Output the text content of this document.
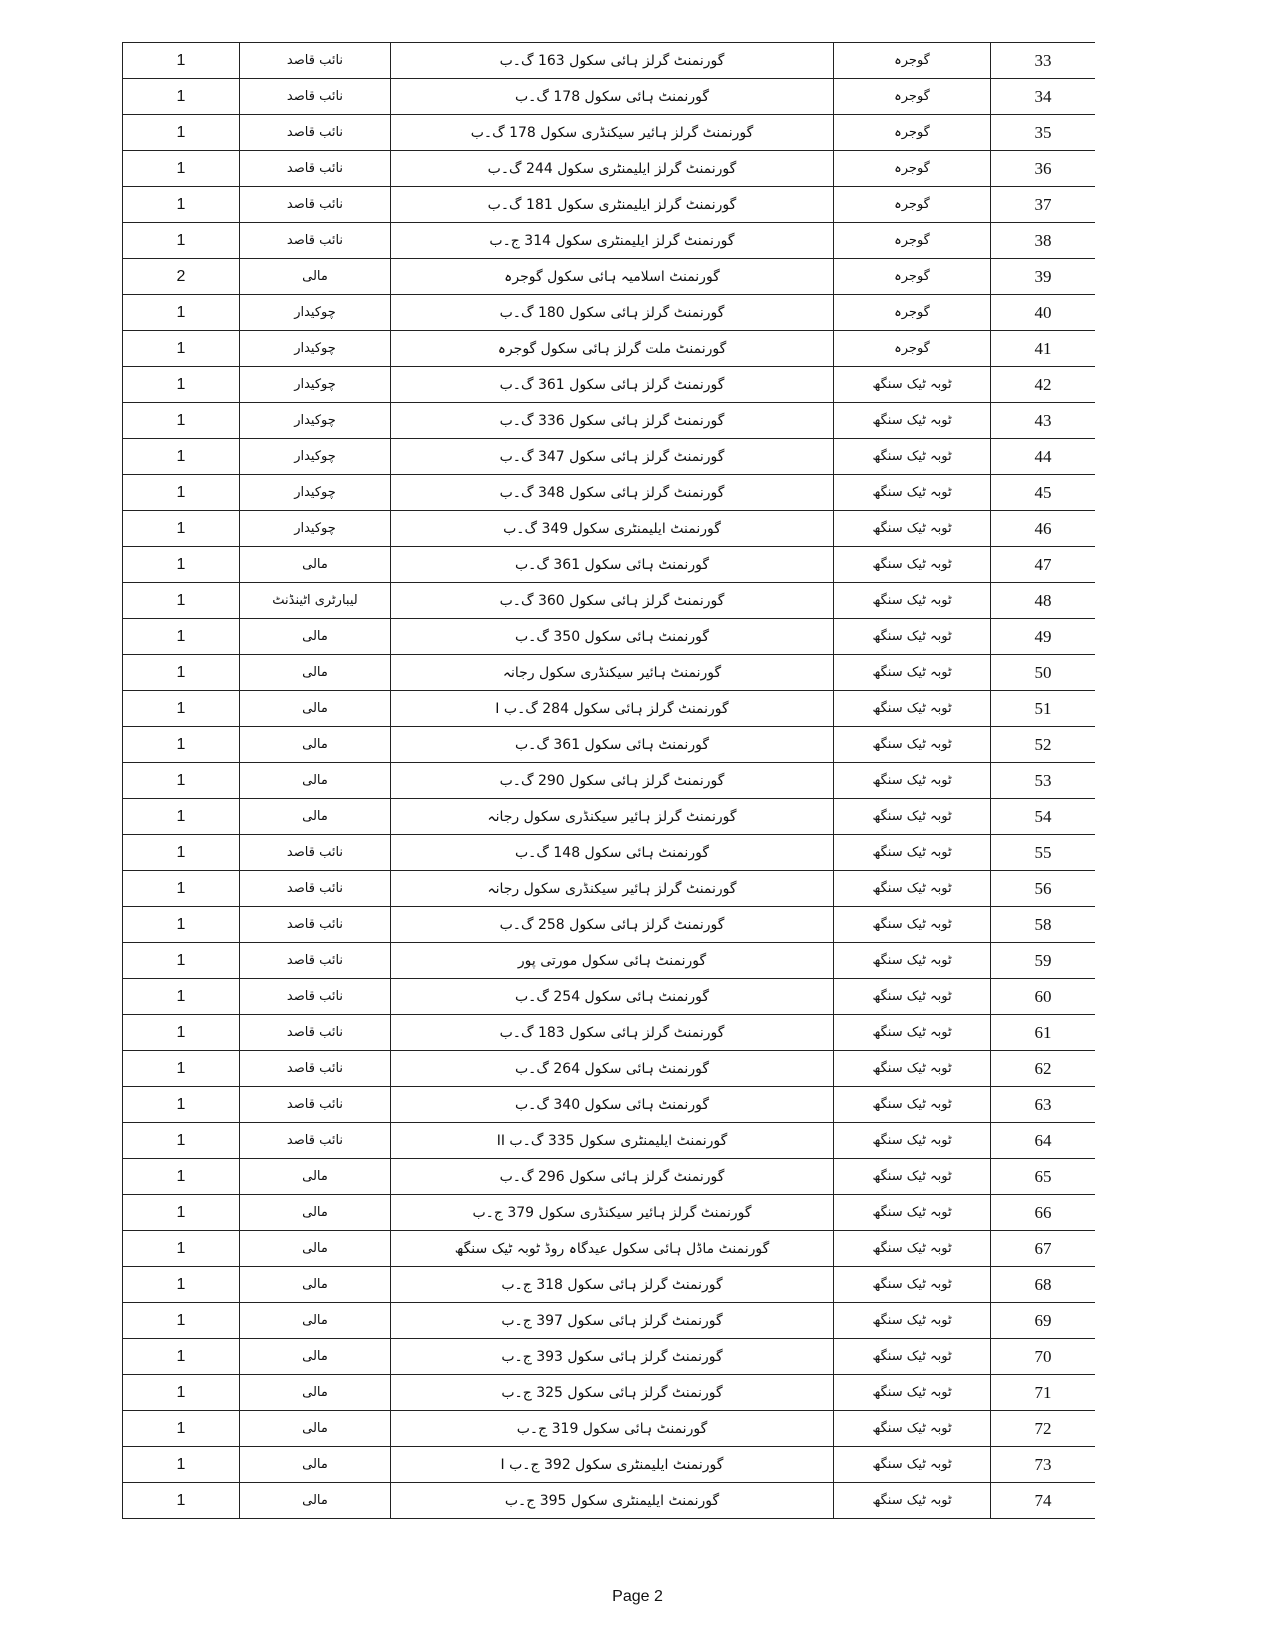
1	نائب قاصد	گورنمنٹ گرلز ہائی سکول 163 گ۔ب	گوجرہ	33
1	نائب قاصد	گورنمنٹ ہائی سکول 178 گ۔ب	گوجرہ	34
1	نائب قاصد	گورنمنٹ گرلز ہائیر سیکنڈری سکول 178 گ۔ب	گوجرہ	35
1	نائب قاصد	گورنمنٹ گرلز ایلیمنٹری سکول 244 گ۔ب	گوجرہ	36
1	نائب قاصد	گورنمنٹ گرلز ایلیمنٹری سکول 181 گ۔ب	گوجرہ	37
1	نائب قاصد	گورنمنٹ گرلز ایلیمنٹری سکول 314 ج۔ب	گوجرہ	38
2	مالی	گورنمنٹ اسلامیہ ہائی سکول گوجرہ	گوجرہ	39
1	چوکیدار	گورنمنٹ گرلز ہائی سکول 180 گ۔ب	گوجرہ	40
1	چوکیدار	گورنمنٹ ملت گرلز ہائی سکول گوجرہ	گوجرہ	41
1	چوکیدار	گورنمنٹ گرلز ہائی سکول 361 گ۔ب	ٹوبہ ٹیک سنگھ	42
1	چوکیدار	گورنمنٹ گرلز ہائی سکول 336 گ۔ب	ٹوبہ ٹیک سنگھ	43
1	چوکیدار	گورنمنٹ گرلز ہائی سکول 347 گ۔ب	ٹوبہ ٹیک سنگھ	44
1	چوکیدار	گورنمنٹ گرلز ہائی سکول 348 گ۔ب	ٹوبہ ٹیک سنگھ	45
1	چوکیدار	گورنمنٹ ایلیمنٹری سکول 349 گ۔ب	ٹوبہ ٹیک سنگھ	46
1	مالی	گورنمنٹ ہائی سکول 361 گ۔ب	ٹوبہ ٹیک سنگھ	47
1	لیبارٹری اٹینڈنٹ	گورنمنٹ گرلز ہائی سکول 360 گ۔ب	ٹوبہ ٹیک سنگھ	48
1	مالی	گورنمنٹ ہائی سکول 350 گ۔ب	ٹوبہ ٹیک سنگھ	49
1	مالی	گورنمنٹ ہائیر سیکنڈری سکول رجانہ	ٹوبہ ٹیک سنگھ	50
1	مالی	گورنمنٹ گرلز ہائی سکول 284 گ۔ب I	ٹوبہ ٹیک سنگھ	51
1	مالی	گورنمنٹ ہائی سکول 361 گ۔ب	ٹوبہ ٹیک سنگھ	52
1	مالی	گورنمنٹ گرلز ہائی سکول 290 گ۔ب	ٹوبہ ٹیک سنگھ	53
1	مالی	گورنمنٹ گرلز ہائیر سیکنڈری سکول رجانہ	ٹوبہ ٹیک سنگھ	54
1	نائب قاصد	گورنمنٹ ہائی سکول 148 گ۔ب	ٹوبہ ٹیک سنگھ	55
1	نائب قاصد	گورنمنٹ گرلز ہائیر سیکنڈری سکول رجانہ	ٹوبہ ٹیک سنگھ	56
1	نائب قاصد	گورنمنٹ گرلز ہائی سکول 258 گ۔ب	ٹوبہ ٹیک سنگھ	58
1	نائب قاصد	گورنمنٹ ہائی سکول مورتی پور	ٹوبہ ٹیک سنگھ	59
1	نائب قاصد	گورنمنٹ ہائی سکول 254 گ۔ب	ٹوبہ ٹیک سنگھ	60
1	نائب قاصد	گورنمنٹ گرلز ہائی سکول 183 گ۔ب	ٹوبہ ٹیک سنگھ	61
1	نائب قاصد	گورنمنٹ ہائی سکول 264 گ۔ب	ٹوبہ ٹیک سنگھ	62
1	نائب قاصد	گورنمنٹ ہائی سکول 340 گ۔ب	ٹوبہ ٹیک سنگھ	63
1	نائب قاصد	گورنمنٹ ایلیمنٹری سکول 335 گ۔ب II	ٹوبہ ٹیک سنگھ	64
1	مالی	گورنمنٹ گرلز ہائی سکول 296 گ۔ب	ٹوبہ ٹیک سنگھ	65
1	مالی	گورنمنٹ گرلز ہائیر سیکنڈری سکول 379 ج۔ب	ٹوبہ ٹیک سنگھ	66
1	مالی	گورنمنٹ ماڈل ہائی سکول عیدگاہ روڈ ٹوبہ ٹیک سنگھ	ٹوبہ ٹیک سنگھ	67
1	مالی	گورنمنٹ گرلز ہائی سکول 318 ج۔ب	ٹوبہ ٹیک سنگھ	68
1	مالی	گورنمنٹ گرلز ہائی سکول 397 ج۔ب	ٹوبہ ٹیک سنگھ	69
1	مالی	گورنمنٹ گرلز ہائی سکول 393 ج۔ب	ٹوبہ ٹیک سنگھ	70
1	مالی	گورنمنٹ گرلز ہائی سکول 325 ج۔ب	ٹوبہ ٹیک سنگھ	71
1	مالی	گورنمنٹ ہائی سکول 319 ج۔ب	ٹوبہ ٹیک سنگھ	72
1	مالی	گورنمنٹ ایلیمنٹری سکول 392 ج۔ب I	ٹوبہ ٹیک سنگھ	73
1	مالی	گورنمنٹ ایلیمنٹری سکول 395 ج۔ب	ٹوبہ ٹیک سنگھ	74
Page 2
